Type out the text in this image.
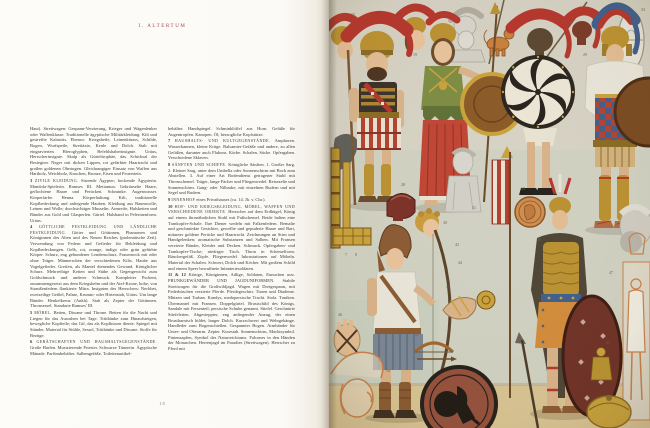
I. ALTERTUM

Haut). Streitwagen: Gespann-Verzierung, Krieger und Wagenlenker oder Waffenklasse. Traditionelle ägyptische Militärkleidung: Kilt und gestreifte Kalasiris. Ebenso: Kriegsbeile, Leinenkürass, Schilde, Bogen, Wurfspeile, Streitäxte, Keule und Dolch. Stab mit eingravierten Hieroglyphen, Befehlshaberinsignie. Uräus, Herrscherinsignie. Skalp als Gürteltrophäe, das Schicksal der Besiegten. Neger mit dicken Lippen, rot gefärbter Haartracht und großen goldenen Ohrringen. Gleichrangiger Einsatz von Waffen aus Hartholz, Weichholz, Knochen, Bronze, Eisen und Feuerstein.

3 ZIVILE KLEIDUNG. Sitzende Ägypter; hockende Ägypterin. Mandola-Spielerin. Ramses III. Metiamun. Gekräuselte Haare, geflochtene Haare und Perücken. Schminke. Augenwasser. Körperfarbe. Henna. Körperhaltung. Kilt, traditionelle Kopfbedeckung und anliegende Hauben. Kleidung aus Baumwolle, Leinen und Wolle; durchsichtiger Musselin. Armreife, Halsketten und Bänder aus Gold und Glasperlen. Gürtel. Halsband in Pelerinenform. Uräus.

4 GÖTTLICHE FESTKLEIDUNG UND LÄNDLICHE FESTKLEIDUNG. Götter und Göttinnen, Pharaonen und Königinnen des Alten und des Neuen Reiches (ptolemäische Zeit). Verwendung von Federn und Gefieder für Bekleidung und Kopfbedeckungen. Gelb, rot, orange, indigo oder grün gefärbte Körper. Schurz, eng gebundener Lendenschurz. Frauenrock mit oder ohne Träger. Männerroben der verschiedenen Kilts. Haube aus Vogelgefieder. Greifen, als Mantel dienendes Gewand. Königlicher Schurz. Mehrreihige Ketten und Stäbe als Gegengewicht zum Goldschmuck und anderer Schmuck. Kompletter Pschent, zusammengesetzt aus dem Kriegshelm und der Atef-Krone, hohe, von Straußenfedern flankierte Mitra. Insignien des Herrschers: Nechbet, zweizeilige Geißel, Palme, Krumm- oder Hirtenstab, Uräus. Um lange Bänder. Henkelkreuz (Ankh). Stab als Zepter der Göttinnen. Thronsessel. Standarte Ramses' III.

5 MÖBEL. Betten, Diwane und Throne. Betten für die Nacht und Liegen für das Ausruhen bei Tage. Trittbänke zum Hinaufsteigen, bewegliche Kopfteile; das Gif, das als Kopfkissen diente. Spiegel mit Ständer. Material für Stühle, Sessel, Trittbänke und Diwane. Stoffe für Bezüge.

6 GERÄTSCHAFTEN UND HAUSHALTSGEGENSTÄNDE. Große Harfen. Musizierende Priester. Schwarze Tänzerin. Ägyptische Mänade. Parfümbehälter. Salbengefäße. Toilettenartikel-

behälter. Handspiegel. Schminklöffel aus Horn. Gefäße für Augentropfen. Kanopen. Öl; herzogliche Kopfstütze.

7 HAUSHALTS- UND KULTGEGENSTÄNDE. Amphoren. Wasserkannen, kleine Krüge. Balsamier-Gefäße und andere, zu allen Gefäßen, darunter auch Flakons. Körbe. Schalen. Säcke. Opfergaben. Verschiedene Sklaven.

8 SÄNFTEN UND SCHIFFE. Königliche Sänften. 1. Großer Sarg. 2. Kleiner Sarg, unter dem Umbella oder Sonnenschirm mit Bock zum Abstellen. 3. Auf einer Art Bodendienst getragener Stuhl mit Thronschemel. Träger, lange Fächer und Fliegenwedel. Reisezelte und Sonnenschirm. Gang- oder Nilbarke, mit einzelnen Rudern und mit Segel und Rudern.

9 INNENHOF eines Privathauses (ca. 14. Jh. v. Chr.).

10 HOF- UND KRIEGSKLEIDUNG, MÖBEL, WAFFEN UND VERSCHIEDENE OBJEKTE. Herrscher auf dem Erdhügel; König auf einem thronähnlichen Stuhl mit Fußschemel. Beide halten eine Trankopfer-Schale. Ihre Diener wedeln mit Falkenfedern. Bemalte und geschminkte Gesichter, gewellte und gepuderte Haare und Bart, mitunter goldene Perücke und Haartracht. Zeichnungen an Stirn und Handgelenken; aromatische Substanzen und Salben. Mit Fransen verzierte Bänder, Kleider und Decken. Schmuck. Opfergaben- und Trankopfer-Tische; niedriger Tisch. Thron in Schemelform. Räuchergefäß. Zöpfe. Fliegenwedel. Inkrustationen auf Möbeln. Material der Schalen. Schwert, Dolch und Köcher. Mit großem Schild und einem Speer bewaffnete Infanteriesoldaten.

11 & 12 Könige, Königinnen, Adlige, Soldaten, Eunuchen usw. PRUNKGEWÄNDER UND JAGDUNIFORMEN. Stabile Streitwagen für die Großwildjagd. Wagen mit Dreigespann, mit Federbüschen verzierte Pferde. Pferdegeschirr. Tiaren und Diademe. Mützen und Turban. Kandys, medopersische Tracht. Stola. Tuniken. Übermantel mit Fransen. Doppelgürtel. Brustschild des Königs. Sandale mit Fersenteil; persische Schuhe genannt. Stiefel. Geschnürte Stiefeletten. Abgesteppter, eng anliegender Anzug, der einen Brustharnisch bildet; langer Dolch. Kurzschwert und Wehrgehänge. Handleder zum Bogenschießen. Gespannter Bogen. Armbänder für Unter- und Oberarm. Zepter. Kurzstab. Sonnenschirm, Machtsymbol. Pinienzapfen, Symbol des Naturreichtums. Falcones in den Händen der Monarchen. Herrenjagd im Paradies (Streitwagen). Herrscher zu Pferd mit

18
